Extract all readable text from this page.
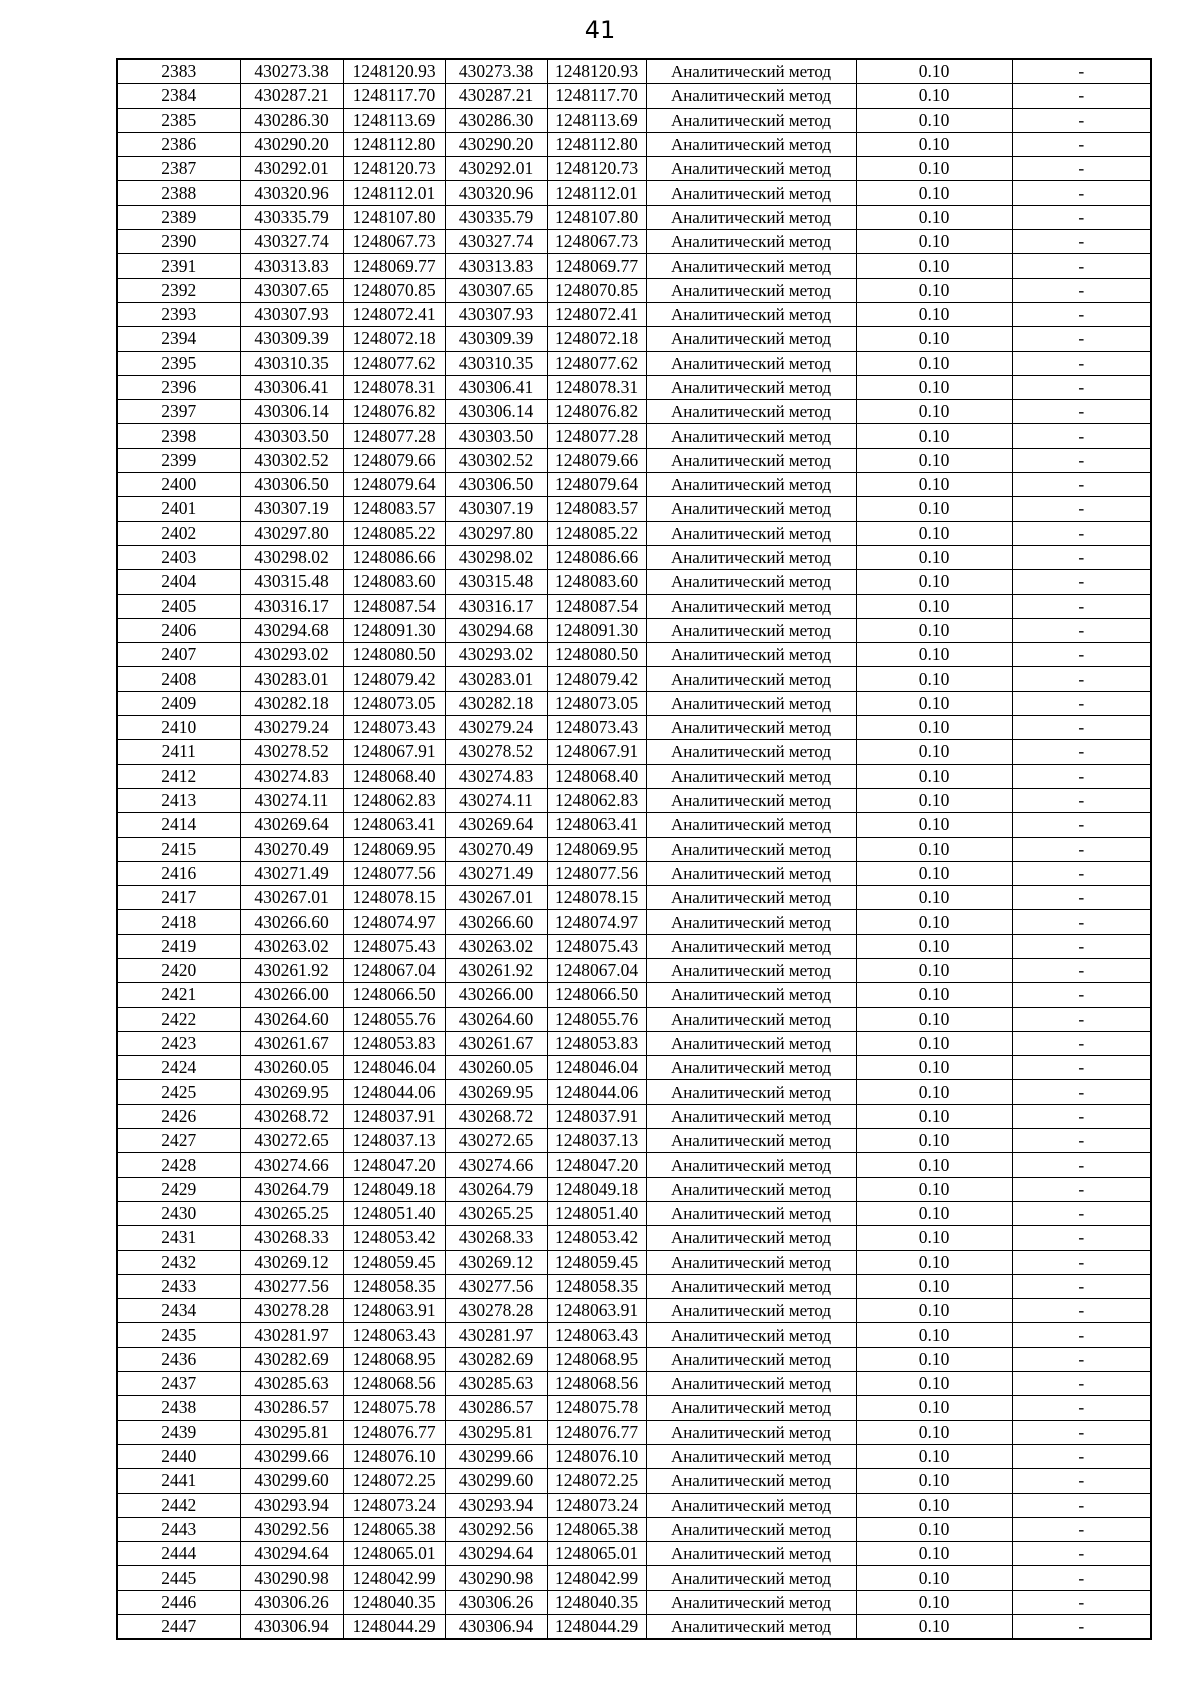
41
2383	430273.38	1248120.93	430273.38	1248120.93	Аналитический метод	0.10	-
2384	430287.21	1248117.70	430287.21	1248117.70	Аналитический метод	0.10	-
2385	430286.30	1248113.69	430286.30	1248113.69	Аналитический метод	0.10	-
2386	430290.20	1248112.80	430290.20	1248112.80	Аналитический метод	0.10	-
2387	430292.01	1248120.73	430292.01	1248120.73	Аналитический метод	0.10	-
2388	430320.96	1248112.01	430320.96	1248112.01	Аналитический метод	0.10	-
2389	430335.79	1248107.80	430335.79	1248107.80	Аналитический метод	0.10	-
2390	430327.74	1248067.73	430327.74	1248067.73	Аналитический метод	0.10	-
2391	430313.83	1248069.77	430313.83	1248069.77	Аналитический метод	0.10	-
2392	430307.65	1248070.85	430307.65	1248070.85	Аналитический метод	0.10	-
2393	430307.93	1248072.41	430307.93	1248072.41	Аналитический метод	0.10	-
2394	430309.39	1248072.18	430309.39	1248072.18	Аналитический метод	0.10	-
2395	430310.35	1248077.62	430310.35	1248077.62	Аналитический метод	0.10	-
2396	430306.41	1248078.31	430306.41	1248078.31	Аналитический метод	0.10	-
2397	430306.14	1248076.82	430306.14	1248076.82	Аналитический метод	0.10	-
2398	430303.50	1248077.28	430303.50	1248077.28	Аналитический метод	0.10	-
2399	430302.52	1248079.66	430302.52	1248079.66	Аналитический метод	0.10	-
2400	430306.50	1248079.64	430306.50	1248079.64	Аналитический метод	0.10	-
2401	430307.19	1248083.57	430307.19	1248083.57	Аналитический метод	0.10	-
2402	430297.80	1248085.22	430297.80	1248085.22	Аналитический метод	0.10	-
2403	430298.02	1248086.66	430298.02	1248086.66	Аналитический метод	0.10	-
2404	430315.48	1248083.60	430315.48	1248083.60	Аналитический метод	0.10	-
2405	430316.17	1248087.54	430316.17	1248087.54	Аналитический метод	0.10	-
2406	430294.68	1248091.30	430294.68	1248091.30	Аналитический метод	0.10	-
2407	430293.02	1248080.50	430293.02	1248080.50	Аналитический метод	0.10	-
2408	430283.01	1248079.42	430283.01	1248079.42	Аналитический метод	0.10	-
2409	430282.18	1248073.05	430282.18	1248073.05	Аналитический метод	0.10	-
2410	430279.24	1248073.43	430279.24	1248073.43	Аналитический метод	0.10	-
2411	430278.52	1248067.91	430278.52	1248067.91	Аналитический метод	0.10	-
2412	430274.83	1248068.40	430274.83	1248068.40	Аналитический метод	0.10	-
2413	430274.11	1248062.83	430274.11	1248062.83	Аналитический метод	0.10	-
2414	430269.64	1248063.41	430269.64	1248063.41	Аналитический метод	0.10	-
2415	430270.49	1248069.95	430270.49	1248069.95	Аналитический метод	0.10	-
2416	430271.49	1248077.56	430271.49	1248077.56	Аналитический метод	0.10	-
2417	430267.01	1248078.15	430267.01	1248078.15	Аналитический метод	0.10	-
2418	430266.60	1248074.97	430266.60	1248074.97	Аналитический метод	0.10	-
2419	430263.02	1248075.43	430263.02	1248075.43	Аналитический метод	0.10	-
2420	430261.92	1248067.04	430261.92	1248067.04	Аналитический метод	0.10	-
2421	430266.00	1248066.50	430266.00	1248066.50	Аналитический метод	0.10	-
2422	430264.60	1248055.76	430264.60	1248055.76	Аналитический метод	0.10	-
2423	430261.67	1248053.83	430261.67	1248053.83	Аналитический метод	0.10	-
2424	430260.05	1248046.04	430260.05	1248046.04	Аналитический метод	0.10	-
2425	430269.95	1248044.06	430269.95	1248044.06	Аналитический метод	0.10	-
2426	430268.72	1248037.91	430268.72	1248037.91	Аналитический метод	0.10	-
2427	430272.65	1248037.13	430272.65	1248037.13	Аналитический метод	0.10	-
2428	430274.66	1248047.20	430274.66	1248047.20	Аналитический метод	0.10	-
2429	430264.79	1248049.18	430264.79	1248049.18	Аналитический метод	0.10	-
2430	430265.25	1248051.40	430265.25	1248051.40	Аналитический метод	0.10	-
2431	430268.33	1248053.42	430268.33	1248053.42	Аналитический метод	0.10	-
2432	430269.12	1248059.45	430269.12	1248059.45	Аналитический метод	0.10	-
2433	430277.56	1248058.35	430277.56	1248058.35	Аналитический метод	0.10	-
2434	430278.28	1248063.91	430278.28	1248063.91	Аналитический метод	0.10	-
2435	430281.97	1248063.43	430281.97	1248063.43	Аналитический метод	0.10	-
2436	430282.69	1248068.95	430282.69	1248068.95	Аналитический метод	0.10	-
2437	430285.63	1248068.56	430285.63	1248068.56	Аналитический метод	0.10	-
2438	430286.57	1248075.78	430286.57	1248075.78	Аналитический метод	0.10	-
2439	430295.81	1248076.77	430295.81	1248076.77	Аналитический метод	0.10	-
2440	430299.66	1248076.10	430299.66	1248076.10	Аналитический метод	0.10	-
2441	430299.60	1248072.25	430299.60	1248072.25	Аналитический метод	0.10	-
2442	430293.94	1248073.24	430293.94	1248073.24	Аналитический метод	0.10	-
2443	430292.56	1248065.38	430292.56	1248065.38	Аналитический метод	0.10	-
2444	430294.64	1248065.01	430294.64	1248065.01	Аналитический метод	0.10	-
2445	430290.98	1248042.99	430290.98	1248042.99	Аналитический метод	0.10	-
2446	430306.26	1248040.35	430306.26	1248040.35	Аналитический метод	0.10	-
2447	430306.94	1248044.29	430306.94	1248044.29	Аналитический метод	0.10	-
